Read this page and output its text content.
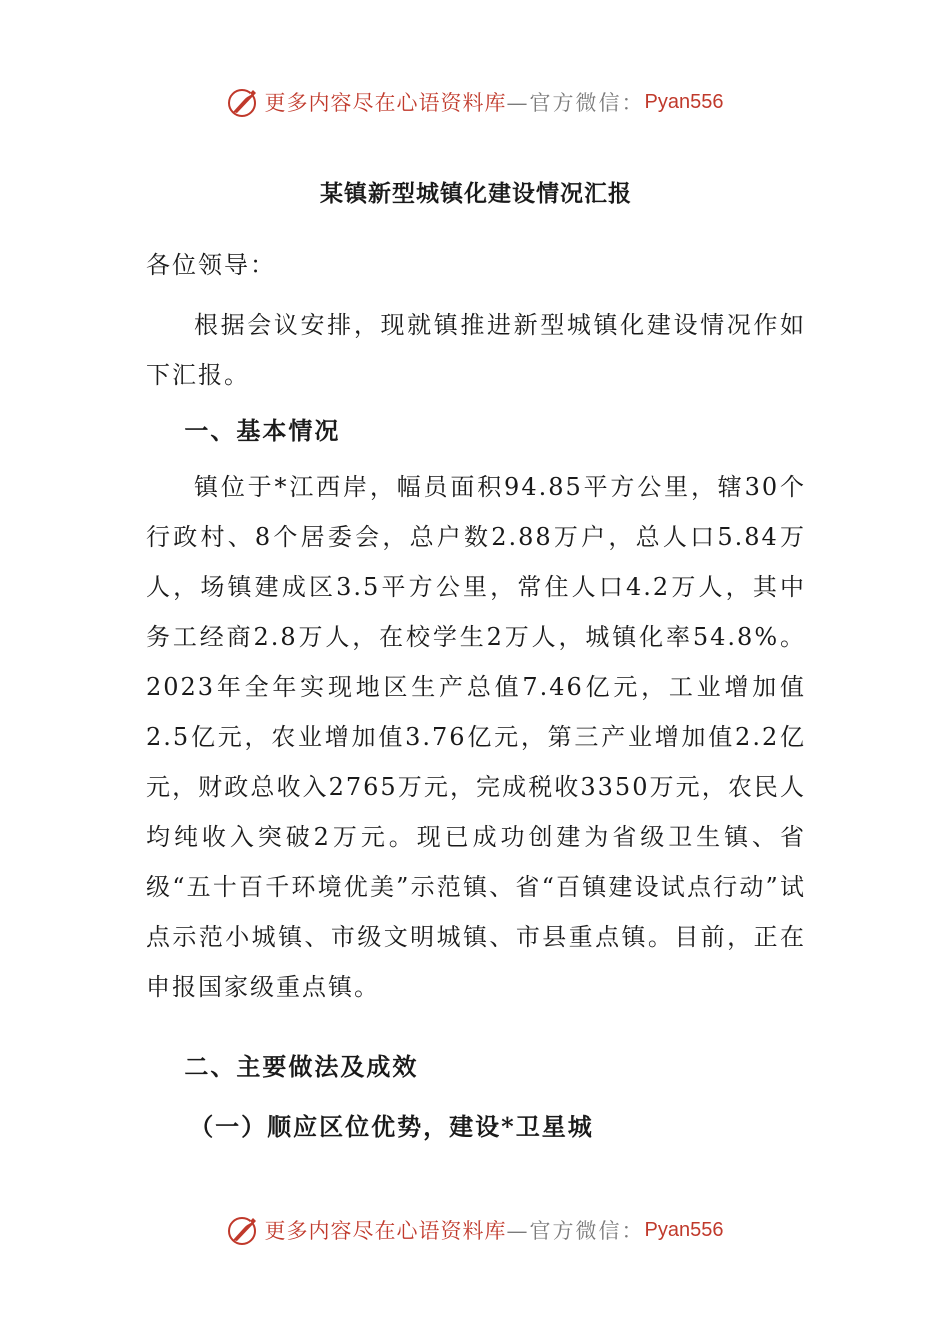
更多内容尽在心语资料库 —官方微信： Pyan556
某镇新型城镇化建设情况汇报
各位领导：

根据会议安排，现就镇推进新型城镇化建设情况作如下汇报。

一、基本情况

镇位于*江西岸，幅员面积94.85平方公里，辖30个行政村、8个居委会，总户数2.88万户，总人口5.84万人，场镇建成区3.5平方公里，常住人口4.2万人，其中务工经商2.8万人，在校学生2万人，城镇化率54.8%。2023年全年实现地区生产总值7.46亿元，工业增加值2.5亿元，农业增加值3.76亿元，第三产业增加值2.2亿元，财政总收入2765万元，完成税收3350万元，农民人均纯收入突破2万元。现已成功创建为省级卫生镇、省级“五十百千环境优美”示范镇、省“百镇建设试点行动”试点示范小城镇、市级文明城镇、市县重点镇。目前，正在申报国家级重点镇。

二、主要做法及成效
（一）顺应区位优势，建设*卫星城
更多内容尽在心语资料库 —官方微信： Pyan556
